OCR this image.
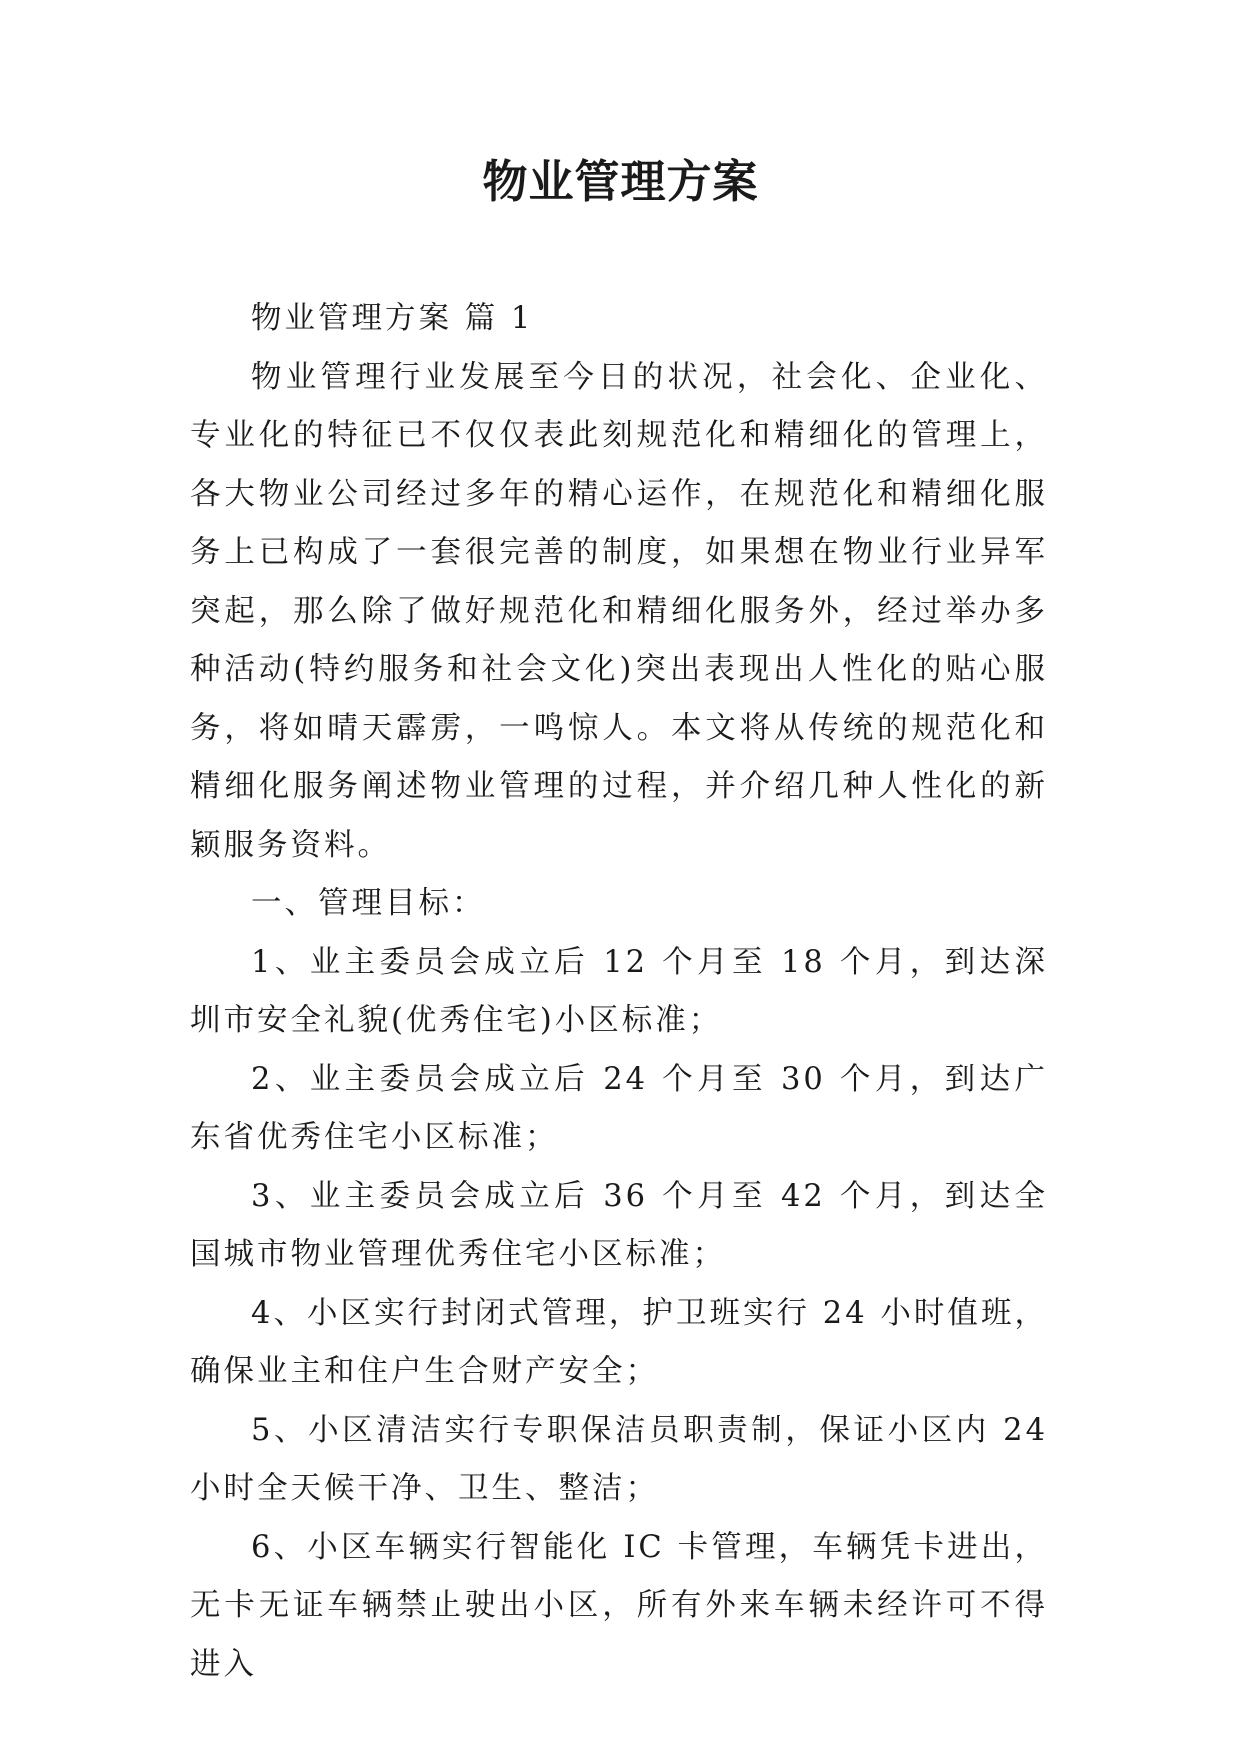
物业管理方案

物业管理方案 篇 1

物业管理行业发展至今日的状况，社会化、企业化、专业化的特征已不仅仅表此刻规范化和精细化的管理上，各大物业公司经过多年的精心运作，在规范化和精细化服务上已构成了一套很完善的制度，如果想在物业行业异军突起，那么除了做好规范化和精细化服务外，经过举办多种活动(特约服务和社会文化)突出表现出人性化的贴心服务，将如晴天霹雳，一鸣惊人。本文将从传统的规范化和精细化服务阐述物业管理的过程，并介绍几种人性化的新颖服务资料。

一、管理目标：

1、业主委员会成立后 12 个月至 18 个月，到达深圳市安全礼貌(优秀住宅)小区标准；

2、业主委员会成立后 24 个月至 30 个月，到达广东省优秀住宅小区标准；

3、业主委员会成立后 36 个月至 42 个月，到达全国城市物业管理优秀住宅小区标准；

4、小区实行封闭式管理，护卫班实行 24 小时值班，确保业主和住户生合财产安全；

5、小区清洁实行专职保洁员职责制，保证小区内 24 小时全天候干净、卫生、整洁；

6、小区车辆实行智能化 IC 卡管理，车辆凭卡进出，无卡无证车辆禁止驶出小区，所有外来车辆未经许可不得进入
